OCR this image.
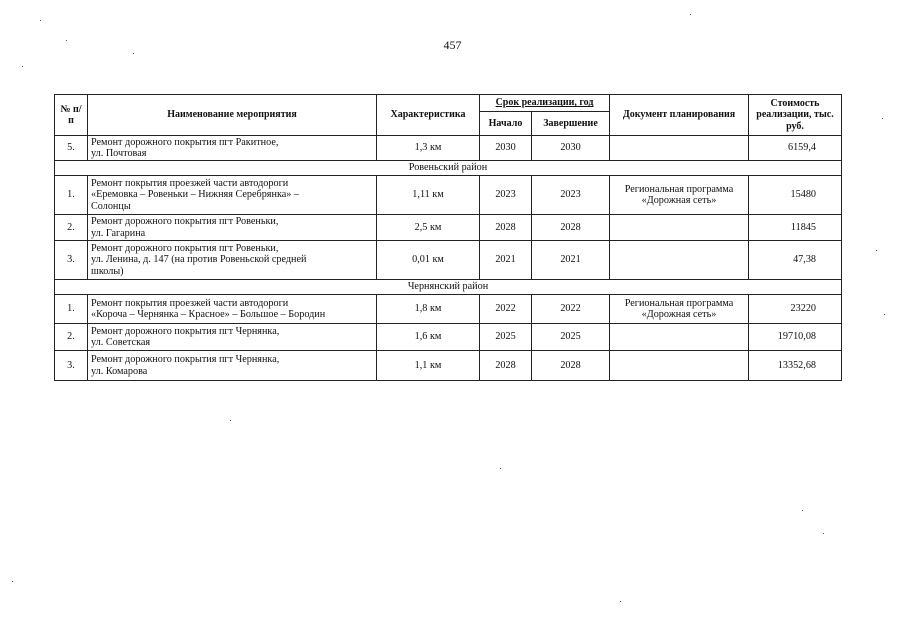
457
№ п/п	Наименование мероприятия	Характеристика	Срок реализации, год		Документ планирования	Стоимость реализации, тыс. руб.
			Начало	Завершение		
5.	Ремонт дорожного покрытия пгт Ракитное,
ул. Почтовая	1,3 км	2030	2030		6159,4
Ровеньский район						
1.	Ремонт покрытия проезжей части автодороги
«Еремовка – Ровеньки – Нижняя Серебрянка» –
Солонцы	1,11 км	2023	2023	Региональная программа «Дорожная сеть»	15480
2.	Ремонт дорожного покрытия пгт Ровеньки,
ул. Гагарина	2,5 км	2028	2028		11845
3.	Ремонт дорожного покрытия пгт Ровеньки,
ул. Ленина, д. 147 (на против Ровеньской средней
школы)	0,01 км	2021	2021		47,38
Чернянский район						
1.	Ремонт покрытия проезжей части автодороги
«Короча – Чернянка – Красное» – Большое – Бородин	1,8 км	2022	2022	Региональная программа «Дорожная сеть»	23220
2.	Ремонт дорожного покрытия пгт Чернянка,
ул. Советская	1,6 км	2025	2025		19710,08
3.	Ремонт дорожного покрытия пгт Чернянка,
ул. Комарова	1,1 км	2028	2028		13352,68
